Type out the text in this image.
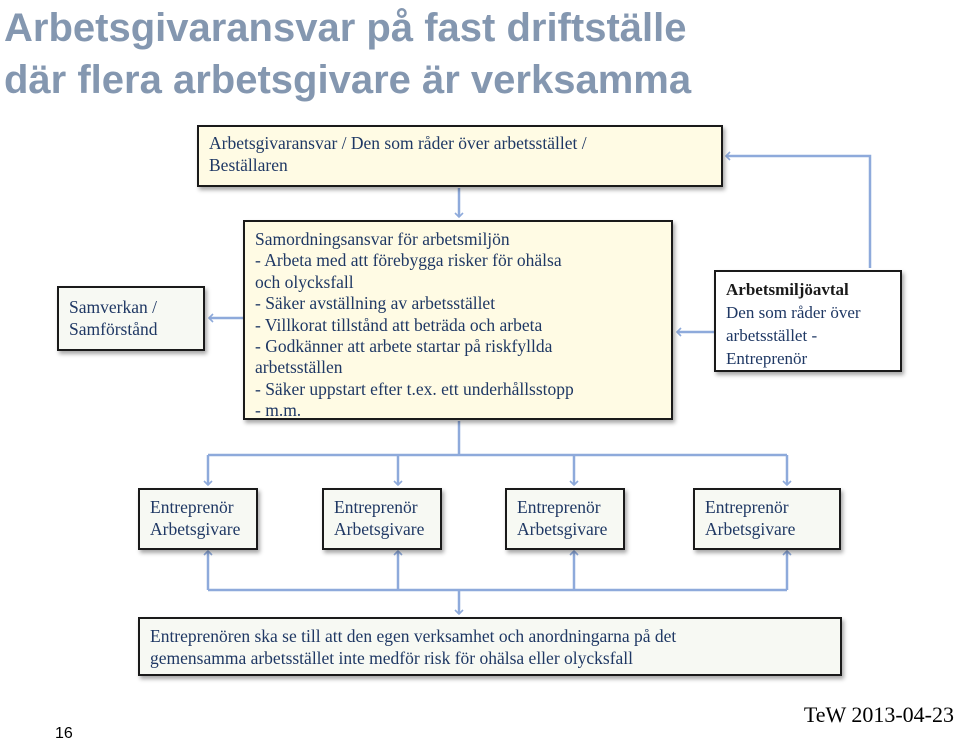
Arbetsgivaransvar på fast driftställe
där flera arbetsgivare är verksamma
Arbetsgivaransvar / Den som råder över arbetsstället /
Beställaren
Samverkan /
Samförstånd
Samordningsansvar för arbetsmiljön
- Arbeta med att förebygga risker för ohälsa
och olycksfall
- Säker avställning av arbetsstället
- Villkorat tillstånd att beträda och arbeta
- Godkänner att arbete startar på riskfyllda
arbetsställen
- Säker uppstart efter t.ex. ett underhållsstopp
- m.m.
Arbetsmiljöavtal
Den som råder över
arbetsstället -
Entreprenör
Entreprenör
Arbetsgivare
Entreprenör
Arbetsgivare
Entreprenör
Arbetsgivare
Entreprenör
Arbetsgivare
Entreprenören ska se till att den egen verksamhet och anordningarna på det
gemensamma arbetsstället inte medför risk för ohälsa eller olycksfall
16
TeW 2013-04-23
